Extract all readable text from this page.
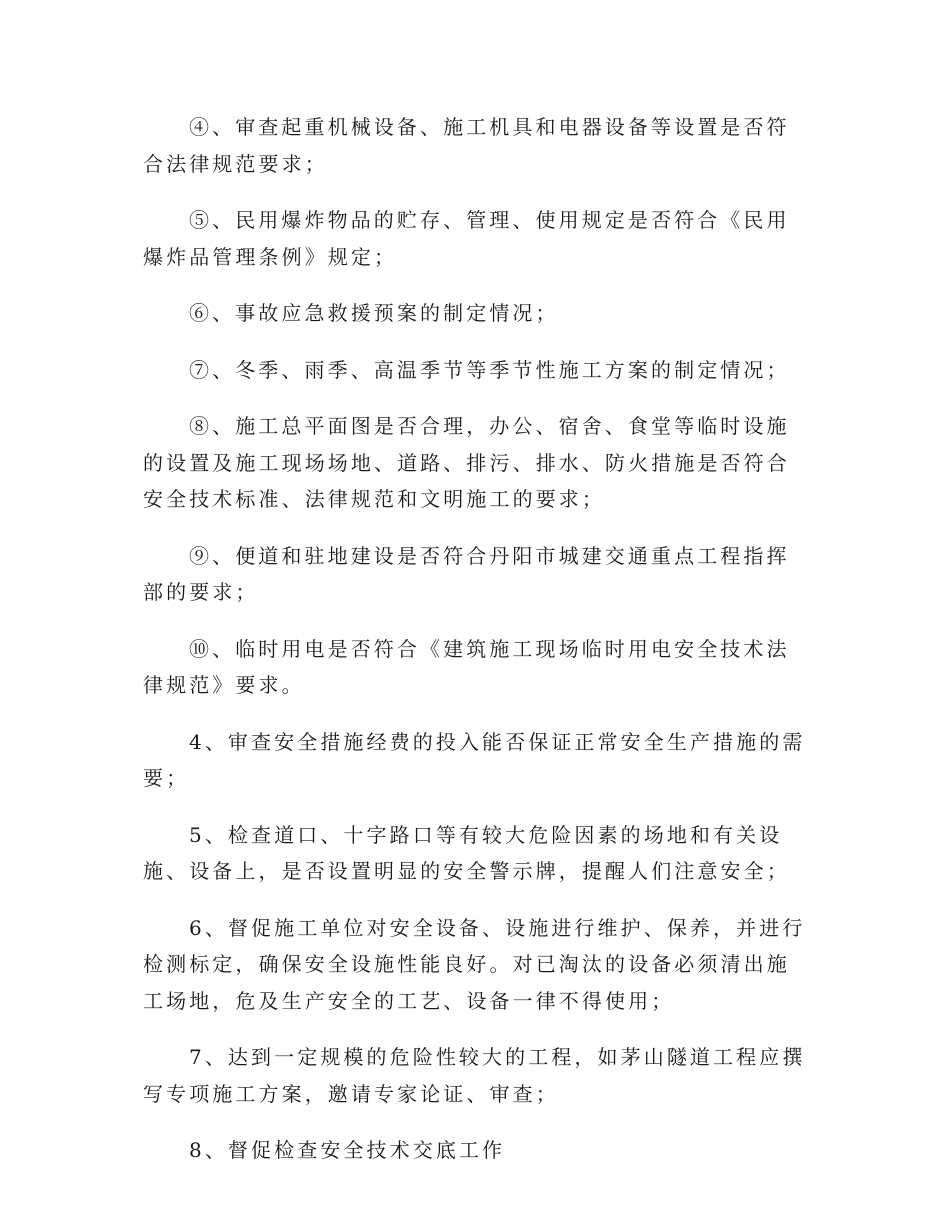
④、审查起重机械设备、施工机具和电器设备等设置是否符合法律规范要求；

⑤、民用爆炸物品的贮存、管理、使用规定是否符合《民用爆炸品管理条例》规定；

⑥、事故应急救援预案的制定情况；

⑦、冬季、雨季、高温季节等季节性施工方案的制定情况；

⑧、施工总平面图是否合理，办公、宿舍、食堂等临时设施的设置及施工现场场地、道路、排污、排水、防火措施是否符合安全技术标准、法律规范和文明施工的要求；

⑨、便道和驻地建设是否符合丹阳市城建交通重点工程指挥部的要求；

⑩、临时用电是否符合《建筑施工现场临时用电安全技术法律规范》要求。

4、审查安全措施经费的投入能否保证正常安全生产措施的需要；

5、检查道口、十字路口等有较大危险因素的场地和有关设施、设备上，是否设置明显的安全警示牌，提醒人们注意安全；

6、督促施工单位对安全设备、设施进行维护、保养，并进行检测标定，确保安全设施性能良好。对已淘汰的设备必须清出施工场地，危及生产安全的工艺、设备一律不得使用；

7、达到一定规模的危险性较大的工程，如茅山隧道工程应撰写专项施工方案，邀请专家论证、审查；

8、督促检查安全技术交底工作
